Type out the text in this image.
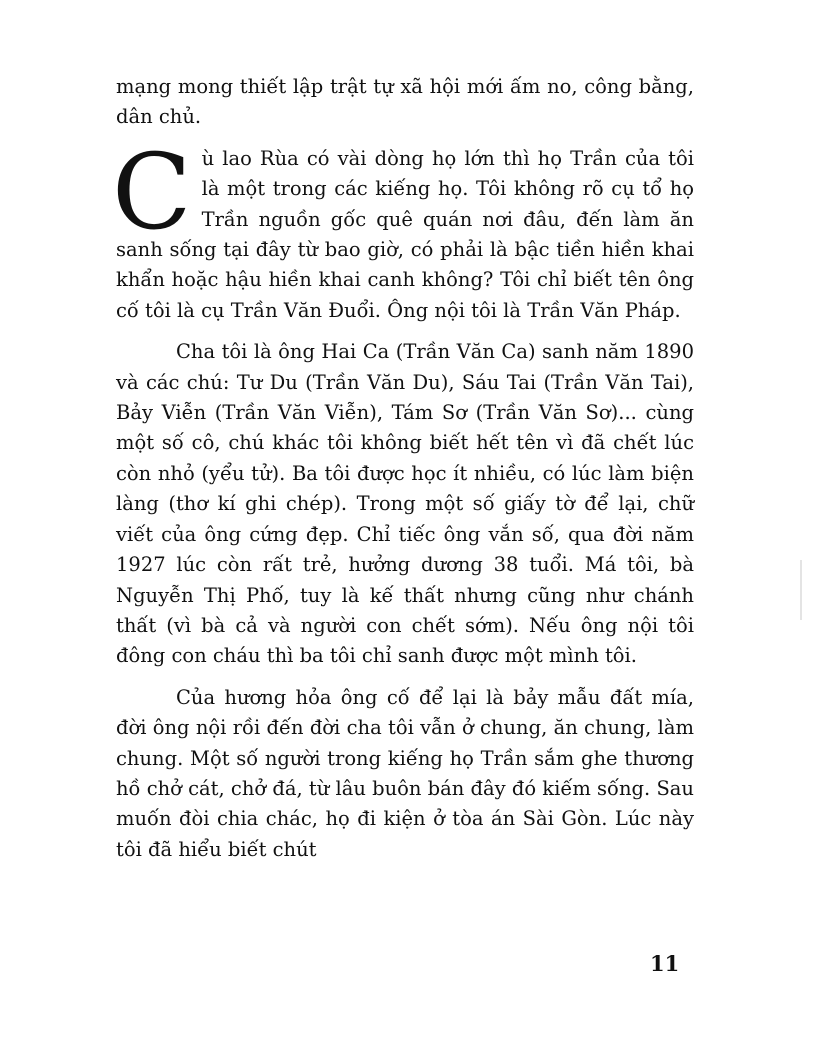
mạng mong thiết lập trật tự xã hội mới ấm no, công bằng, dân chủ.

Cù lao Rùa có vài dòng họ lớn thì họ Trần của tôi là một trong các kiếng họ. Tôi không rõ cụ tổ họ Trần nguồn gốc quê quán nơi đâu, đến làm ăn sanh sống tại đây từ bao giờ, có phải là bậc tiền hiền khai khẩn hoặc hậu hiền khai canh không? Tôi chỉ biết tên ông cố tôi là cụ Trần Văn Đuổi. Ông nội tôi là Trần Văn Pháp.

Cha tôi là ông Hai Ca (Trần Văn Ca) sanh năm 1890 và các chú: Tư Du (Trần Văn Du), Sáu Tai (Trần Văn Tai), Bảy Viễn (Trần Văn Viễn), Tám Sơ (Trần Văn Sơ)... cùng một số cô, chú khác tôi không biết hết tên vì đã chết lúc còn nhỏ (yểu tử). Ba tôi được học ít nhiều, có lúc làm biện làng (thơ kí ghi chép). Trong một số giấy tờ để lại, chữ viết của ông cứng đẹp. Chỉ tiếc ông vắn số, qua đời năm 1927 lúc còn rất trẻ, hưởng dương 38 tuổi. Má tôi, bà Nguyễn Thị Phố, tuy là kế thất nhưng cũng như chánh thất (vì bà cả và người con chết sớm). Nếu ông nội tôi đông con cháu thì ba tôi chỉ sanh được một mình tôi.

Của hương hỏa ông cố để lại là bảy mẫu đất mía, đời ông nội rồi đến đời cha tôi vẫn ở chung, ăn chung, làm chung. Một số người trong kiếng họ Trần sắm ghe thương hồ chở cát, chở đá, từ lâu buôn bán đây đó kiếm sống. Sau muốn đòi chia chác, họ đi kiện ở tòa án Sài Gòn. Lúc này tôi đã hiểu biết chút

11
